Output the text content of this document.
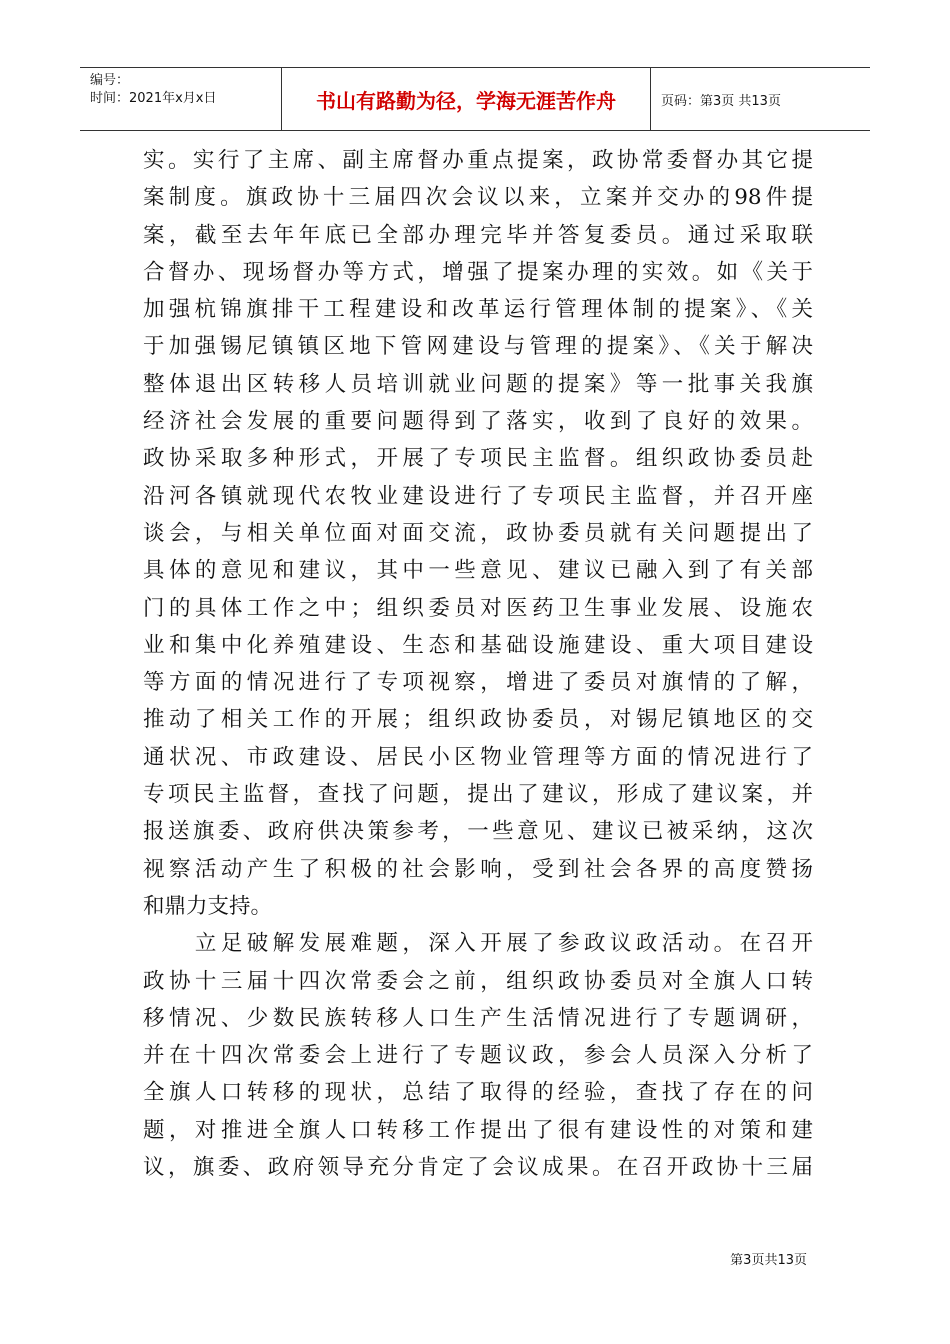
编号：
时间：2021年x月x日	书山有路勤为径，学海无涯苦作舟	页码：第3页 共13页
实。实行了主席、副主席督办重点提案，政协常委督办其它提
案制度。旗政协十三届四次会议以来，立案并交办的98件提
案，截至去年年底已全部办理完毕并答复委员。通过采取联
合督办、现场督办等方式，增强了提案办理的实效。如《关于
加强杭锦旗排干工程建设和改革运行管理体制的提案》、《关
于加强锡尼镇镇区地下管网建设与管理的提案》、《关于解决
整体退出区转移人员培训就业问题的提案》等一批事关我旗
经济社会发展的重要问题得到了落实，收到了良好的效果。
政协采取多种形式，开展了专项民主监督。组织政协委员赴
沿河各镇就现代农牧业建设进行了专项民主监督，并召开座
谈会，与相关单位面对面交流，政协委员就有关问题提出了
具体的意见和建议，其中一些意见、建议已融入到了有关部
门的具体工作之中；组织委员对医药卫生事业发展、设施农
业和集中化养殖建设、生态和基础设施建设、重大项目建设
等方面的情况进行了专项视察，增进了委员对旗情的了解，
推动了相关工作的开展；组织政协委员，对锡尼镇地区的交
通状况、市政建设、居民小区物业管理等方面的情况进行了
专项民主监督，查找了问题，提出了建议，形成了建议案，并
报送旗委、政府供决策参考，一些意见、建议已被采纳，这次
视察活动产生了积极的社会影响，受到社会各界的高度赞扬
和鼎力支持。
　　立足破解发展难题，深入开展了参政议政活动。在召开
政协十三届十四次常委会之前，组织政协委员对全旗人口转
移情况、少数民族转移人口生产生活情况进行了专题调研，
并在十四次常委会上进行了专题议政，参会人员深入分析了
全旗人口转移的现状，总结了取得的经验，查找了存在的问
题，对推进全旗人口转移工作提出了很有建设性的对策和建
议，旗委、政府领导充分肯定了会议成果。在召开政协十三届
第3页共13页
